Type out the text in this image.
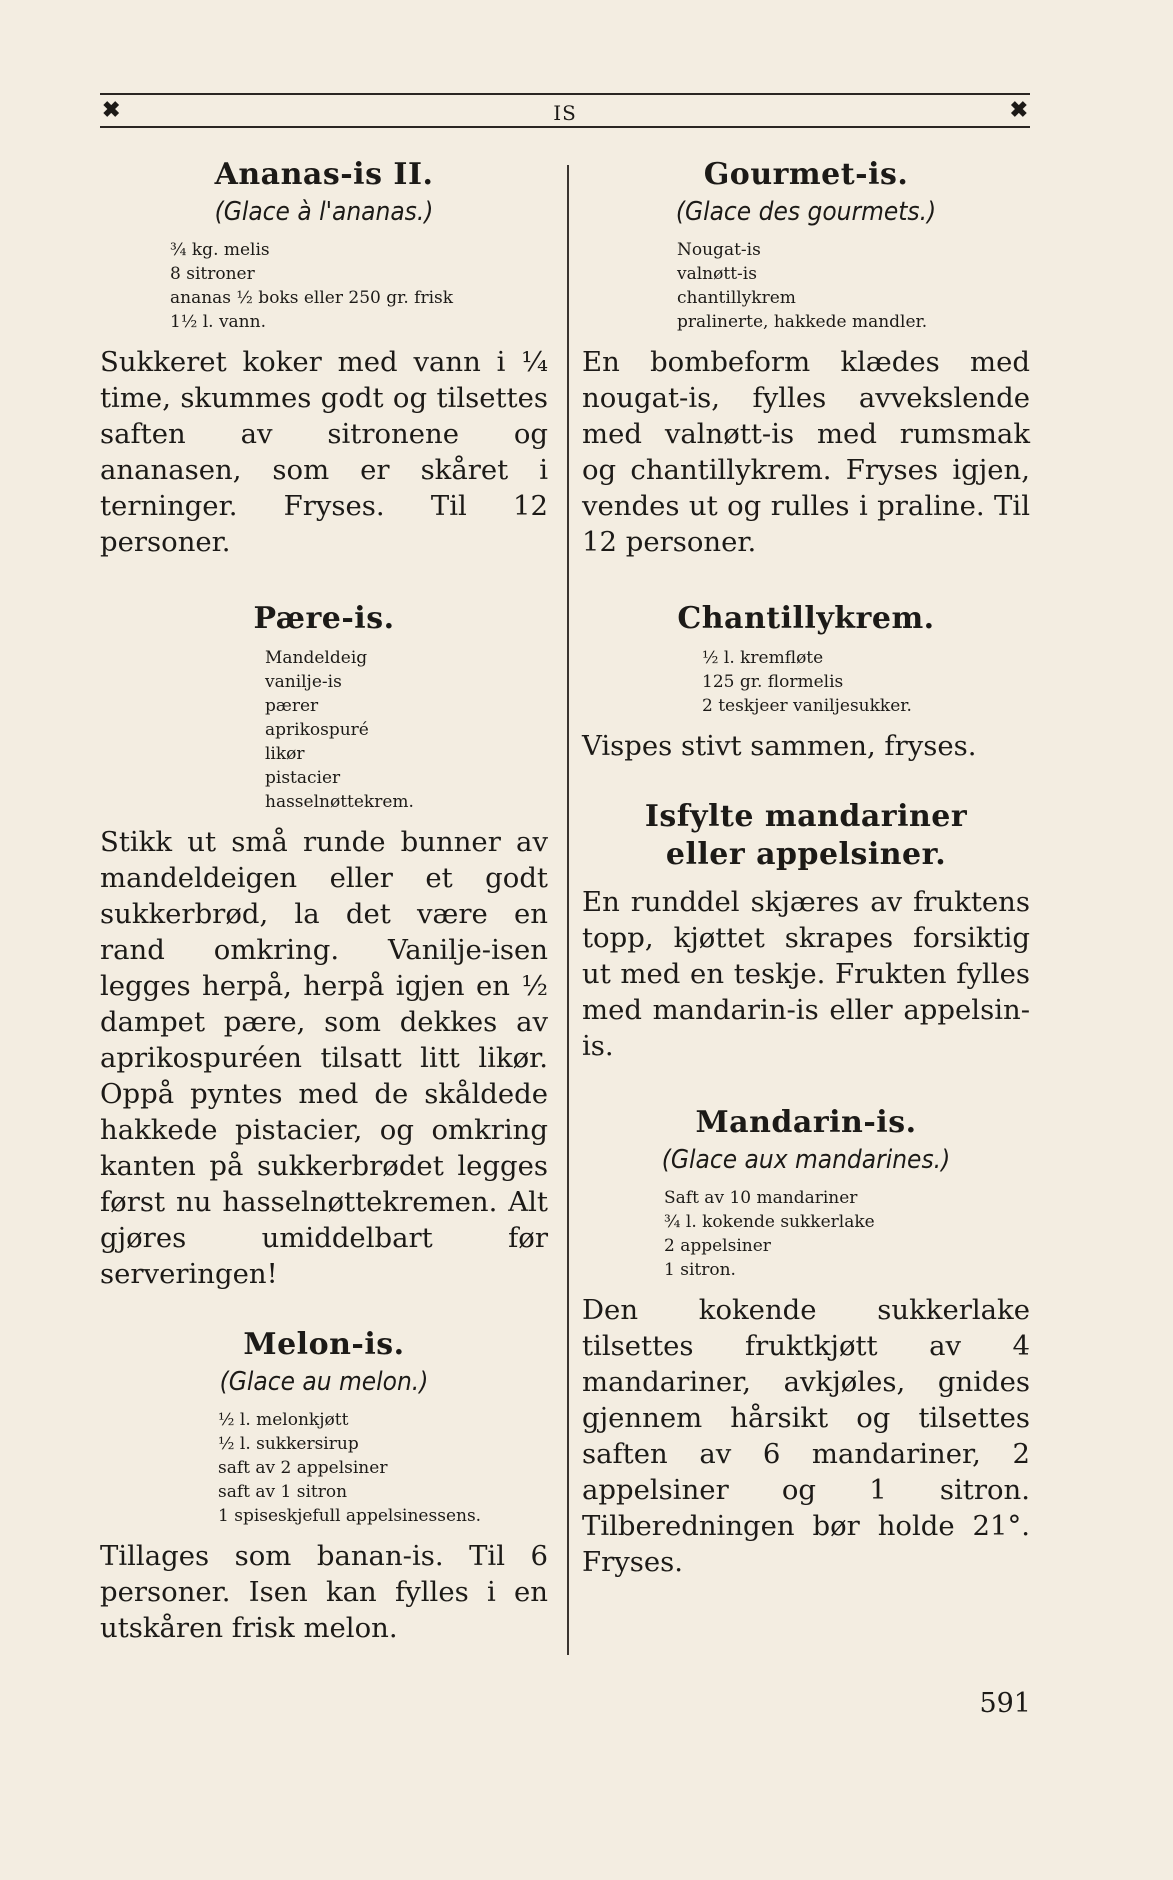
✖	IS	✖
Ananas-is II.

(Glace à l'ananas.)

¾ kg. melis
8 sitroner
ananas ½ boks eller 250 gr. frisk
1½ l. vann.

Sukkeret koker med vann i ¼ time, skummes godt og tilsettes saften av sitronene og ananasen, som er skåret i terninger. Fryses. Til 12 personer.

Pære-is.
Mandeldeig
vanilje-is
pærer
aprikospuré
likør
pistacier
hasselnøttekrem.

Stikk ut små runde bunner av mandeldeigen eller et godt sukkerbrød, la det være en rand omkring. Vanilje-isen legges herpå, herpå igjen en ½ dampet pære, som dekkes av aprikospuréen tilsatt litt likør. Oppå pyntes med de skåldede hakkede pistacier, og omkring kanten på sukkerbrødet legges først nu hasselnøttekremen. Alt gjøres umiddelbart før serveringen!

Melon-is.

(Glace au melon.)

½ l. melonkjøtt
½ l. sukkersirup
saft av 2 appelsiner
saft av 1 sitron
1 spiseskjefull appelsinessens.

Tillages som banan-is. Til 6 personer. Isen kan fylles i en utskåren frisk melon.

Gourmet-is.

(Glace des gourmets.)

Nougat-is
valnøtt-is
chantillykrem
pralinerte, hakkede mandler.

En bombeform klædes med nougat-is, fylles avvekslende med valnøtt-is med rumsmak og chantillykrem. Fryses igjen, vendes ut og rulles i praline. Til 12 personer.

Chantillykrem.
½ l. kremfløte
125 gr. flormelis
2 teskjeer vaniljesukker.

Vispes stivt sammen, fryses.

Isfylte mandariner
eller appelsiner.

En runddel skjæres av fruktens topp, kjøttet skrapes forsiktig ut med en teskje. Frukten fylles med mandarin-is eller appelsin-is.

Mandarin-is.

(Glace aux mandarines.)

Saft av 10 mandariner
¾ l. kokende sukkerlake
2 appelsiner
1 sitron.

Den kokende sukkerlake tilsettes fruktkjøtt av 4 mandariner, avkjøles, gnides gjennem hårsikt og tilsettes saften av 6 mandariner, 2 appelsiner og 1 sitron. Tilberedningen bør holde 21°. Fryses.

591
